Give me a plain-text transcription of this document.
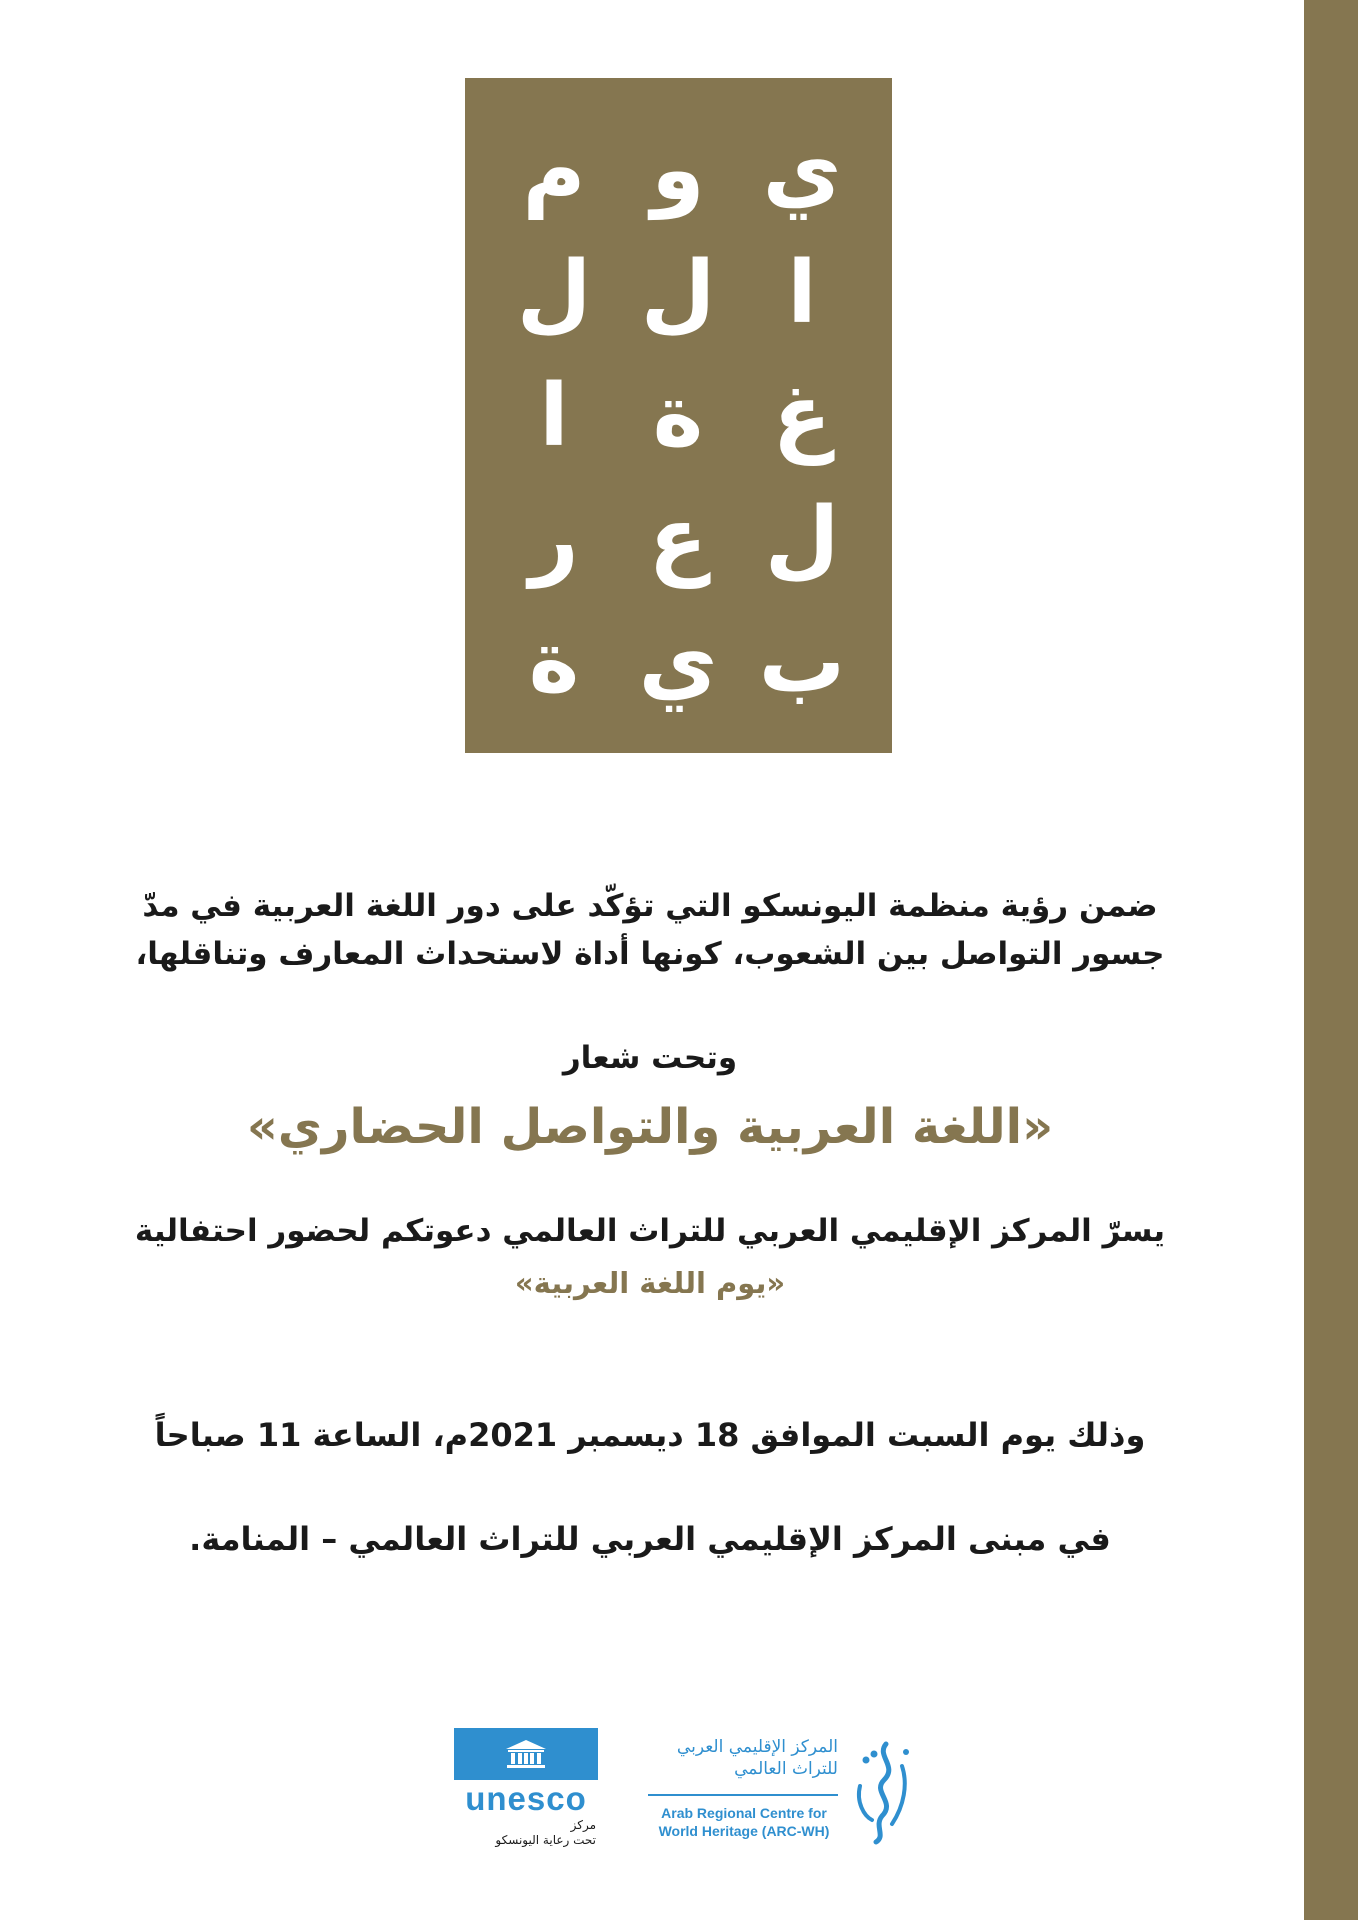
ي
و
م
ا
ل
ل
غ
ة
ا
ل
ع
ر
ب
ي
ة
ضمن رؤية منظمة اليونسكو التي تؤكّد على دور اللغة العربية في مدّ
جسور التواصل بين الشعوب، كونها أداة لاستحداث المعارف وتناقلها،
وتحت شعار
«اللغة العربية والتواصل الحضاري»
يسرّ المركز الإقليمي العربي للتراث العالمي دعوتكم لحضور احتفالية
«يوم اللغة العربية»
وذلك يوم السبت الموافق 18 ديسمبر 2021م، الساعة 11 صباحاً
في مبنى المركز الإقليمي العربي للتراث العالمي – المنامة.
unesco
مركز
تحت رعاية اليونسكو
المركز الإقليمي العربي
للتراث العالمي
Arab Regional Centre for
World Heritage (ARC-WH)
